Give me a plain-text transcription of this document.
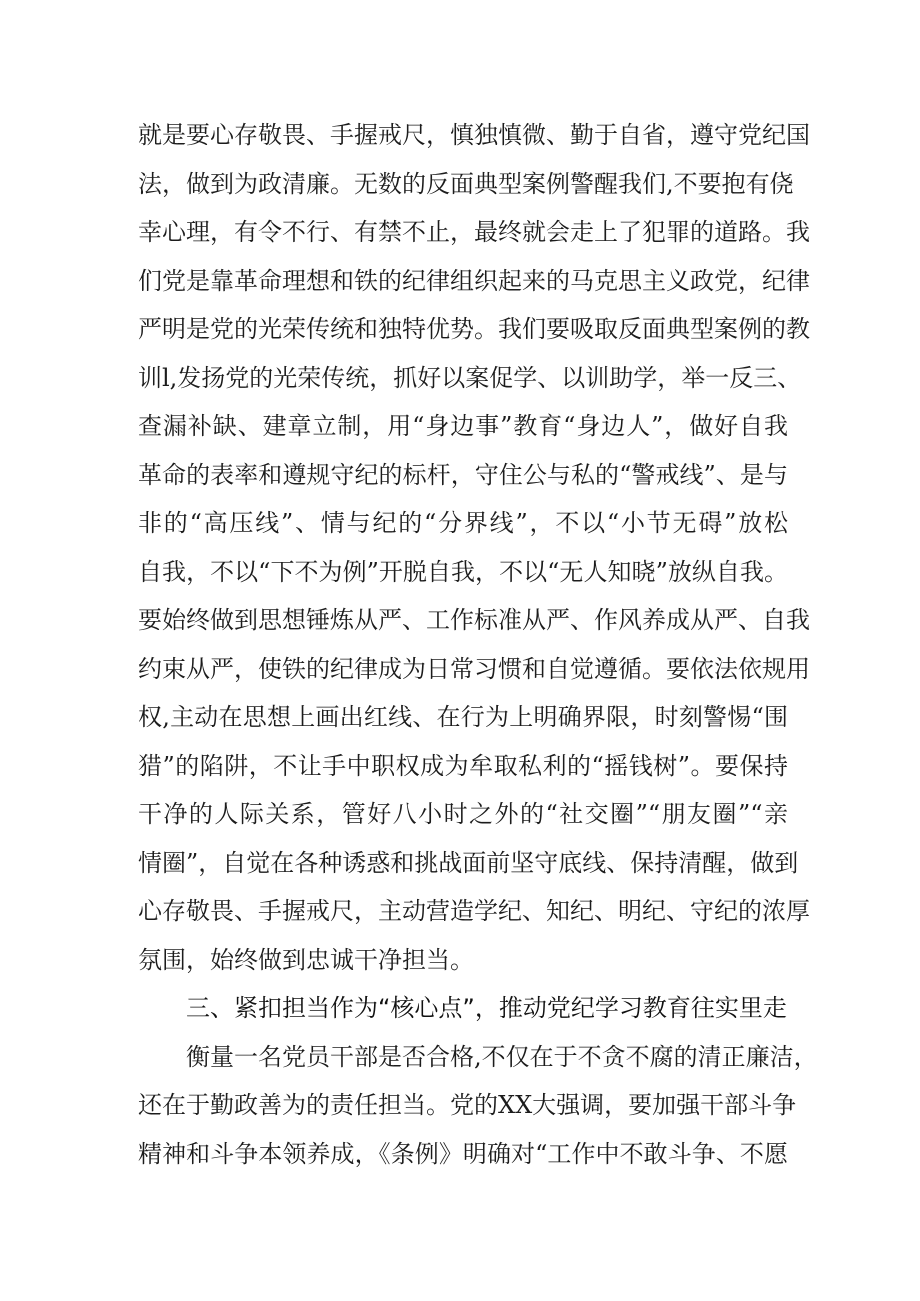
就是要心存敬畏、手握戒尺，慎独慎微、勤于自省，遵守党纪国
法，做到为政清廉。无数的反面典型案例警醒我们,不要抱有侥
幸心理，有令不行、有禁不止，最终就会走上了犯罪的道路。我
们党是靠革命理想和铁的纪律组织起来的马克思主义政党，纪律
严明是党的光荣传统和独特优势。我们要吸取反面典型案例的教
训l,发扬党的光荣传统，抓好以案促学、以训助学，举一反三、
查漏补缺、建章立制，用“身边事”教育“身边人”，做好自我
革命的表率和遵规守纪的标杆，守住公与私的“警戒线”、是与
非的“高压线”、情与纪的“分界线”，不以“小节无碍”放松
自我，不以“下不为例”开脱自我，不以“无人知晓”放纵自我。
要始终做到思想锤炼从严、工作标准从严、作风养成从严、自我
约束从严，使铁的纪律成为日常习惯和自觉遵循。要依法依规用
权,主动在思想上画出红线、在行为上明确界限，时刻警惕“围
猎”的陷阱，不让手中职权成为牟取私利的“摇钱树”。要保持
干净的人际关系，管好八小时之外的“社交圈”“朋友圈”“亲
情圈”，自觉在各种诱惑和挑战面前坚守底线、保持清醒，做到
心存敬畏、手握戒尺，主动营造学纪、知纪、明纪、守纪的浓厚
氛围，始终做到忠诚干净担当。
三、紧扣担当作为“核心点”，推动党纪学习教育往实里走
衡量一名党员干部是否合格,不仅在于不贪不腐的清正廉洁，
还在于勤政善为的责任担当。党的XX大强调，要加强干部斗争
精神和斗争本领养成，《条例》明确对“工作中不敢斗争、不愿
